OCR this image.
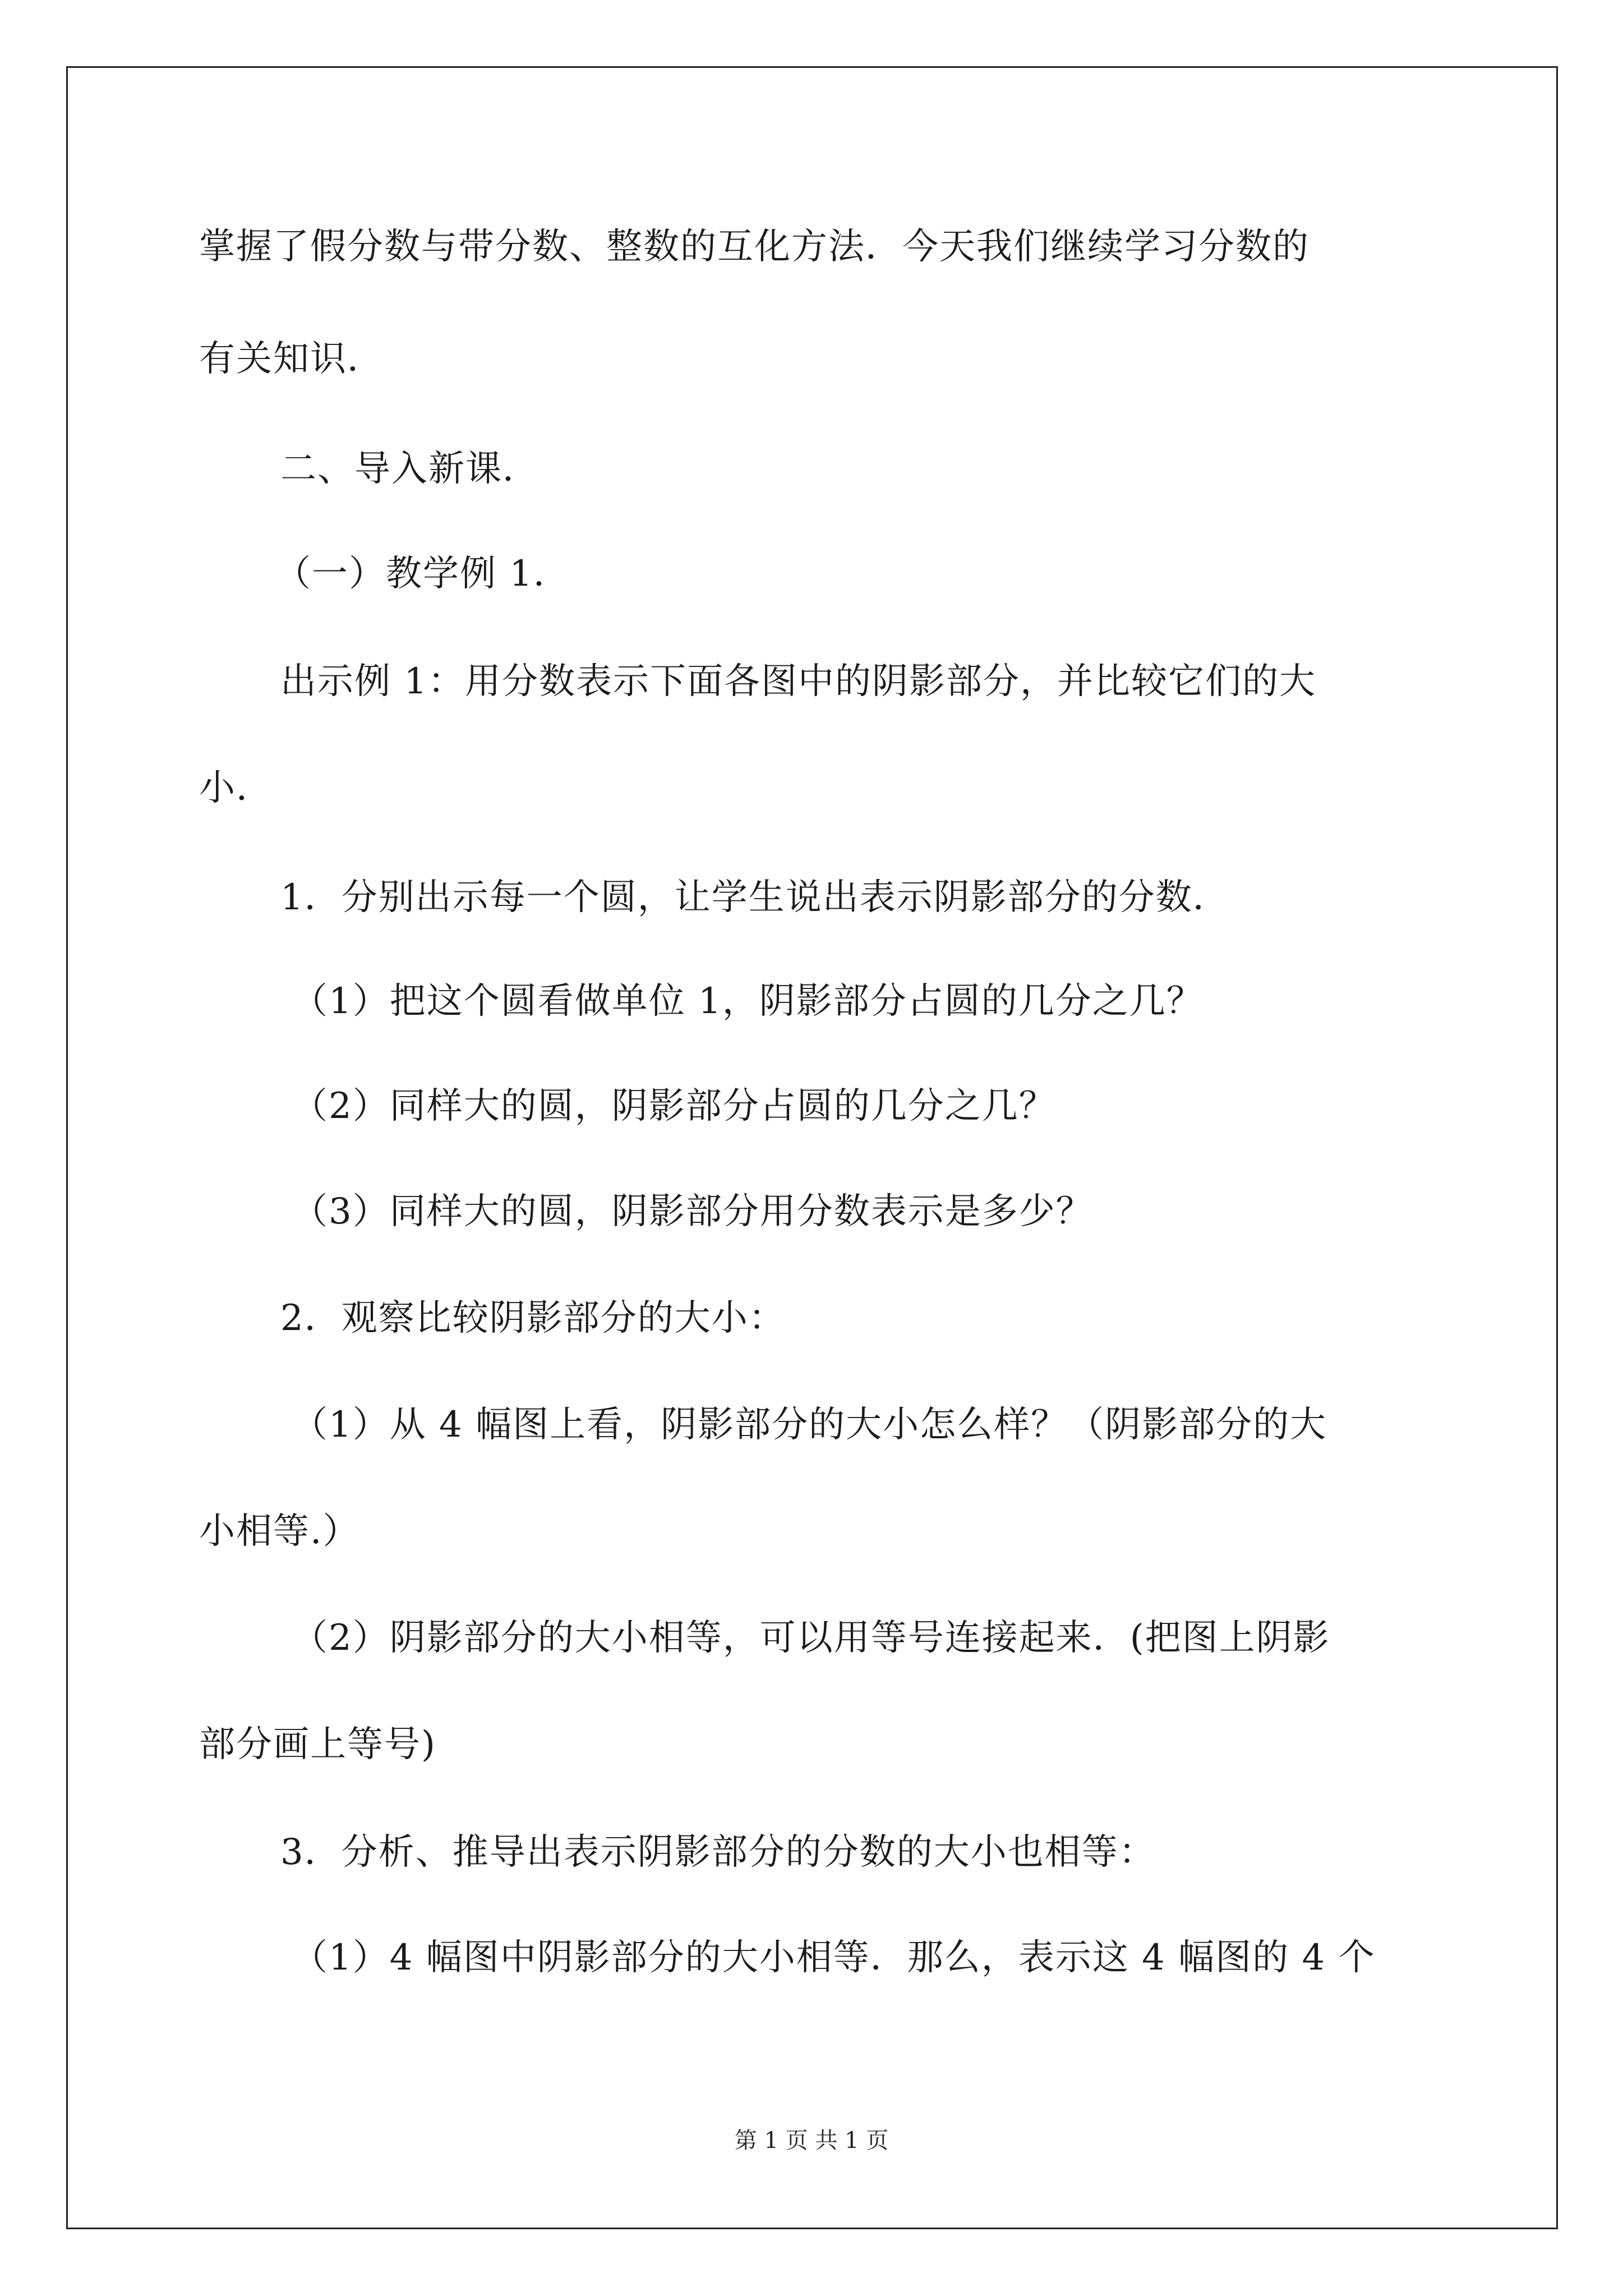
掌握了假分数与带分数、整数的互化方法．今天我们继续学习分数的
有关知识．
二、导入新课．
（一）教学例 1．
出示例 1：用分数表示下面各图中的阴影部分，并比较它们的大
小．
1．分别出示每一个圆，让学生说出表示阴影部分的分数．
（1）把这个圆看做单位 1，阴影部分占圆的几分之几？
（2）同样大的圆，阴影部分占圆的几分之几？
（3）同样大的圆，阴影部分用分数表示是多少？
2．观察比较阴影部分的大小：
（1）从 4 幅图上看，阴影部分的大小怎么样？（阴影部分的大
小相等.）
（2）阴影部分的大小相等，可以用等号连接起来．(把图上阴影
部分画上等号)
3．分析、推导出表示阴影部分的分数的大小也相等：
（1）4 幅图中阴影部分的大小相等．那么，表示这 4 幅图的 4 个
第 1 页 共 1 页
